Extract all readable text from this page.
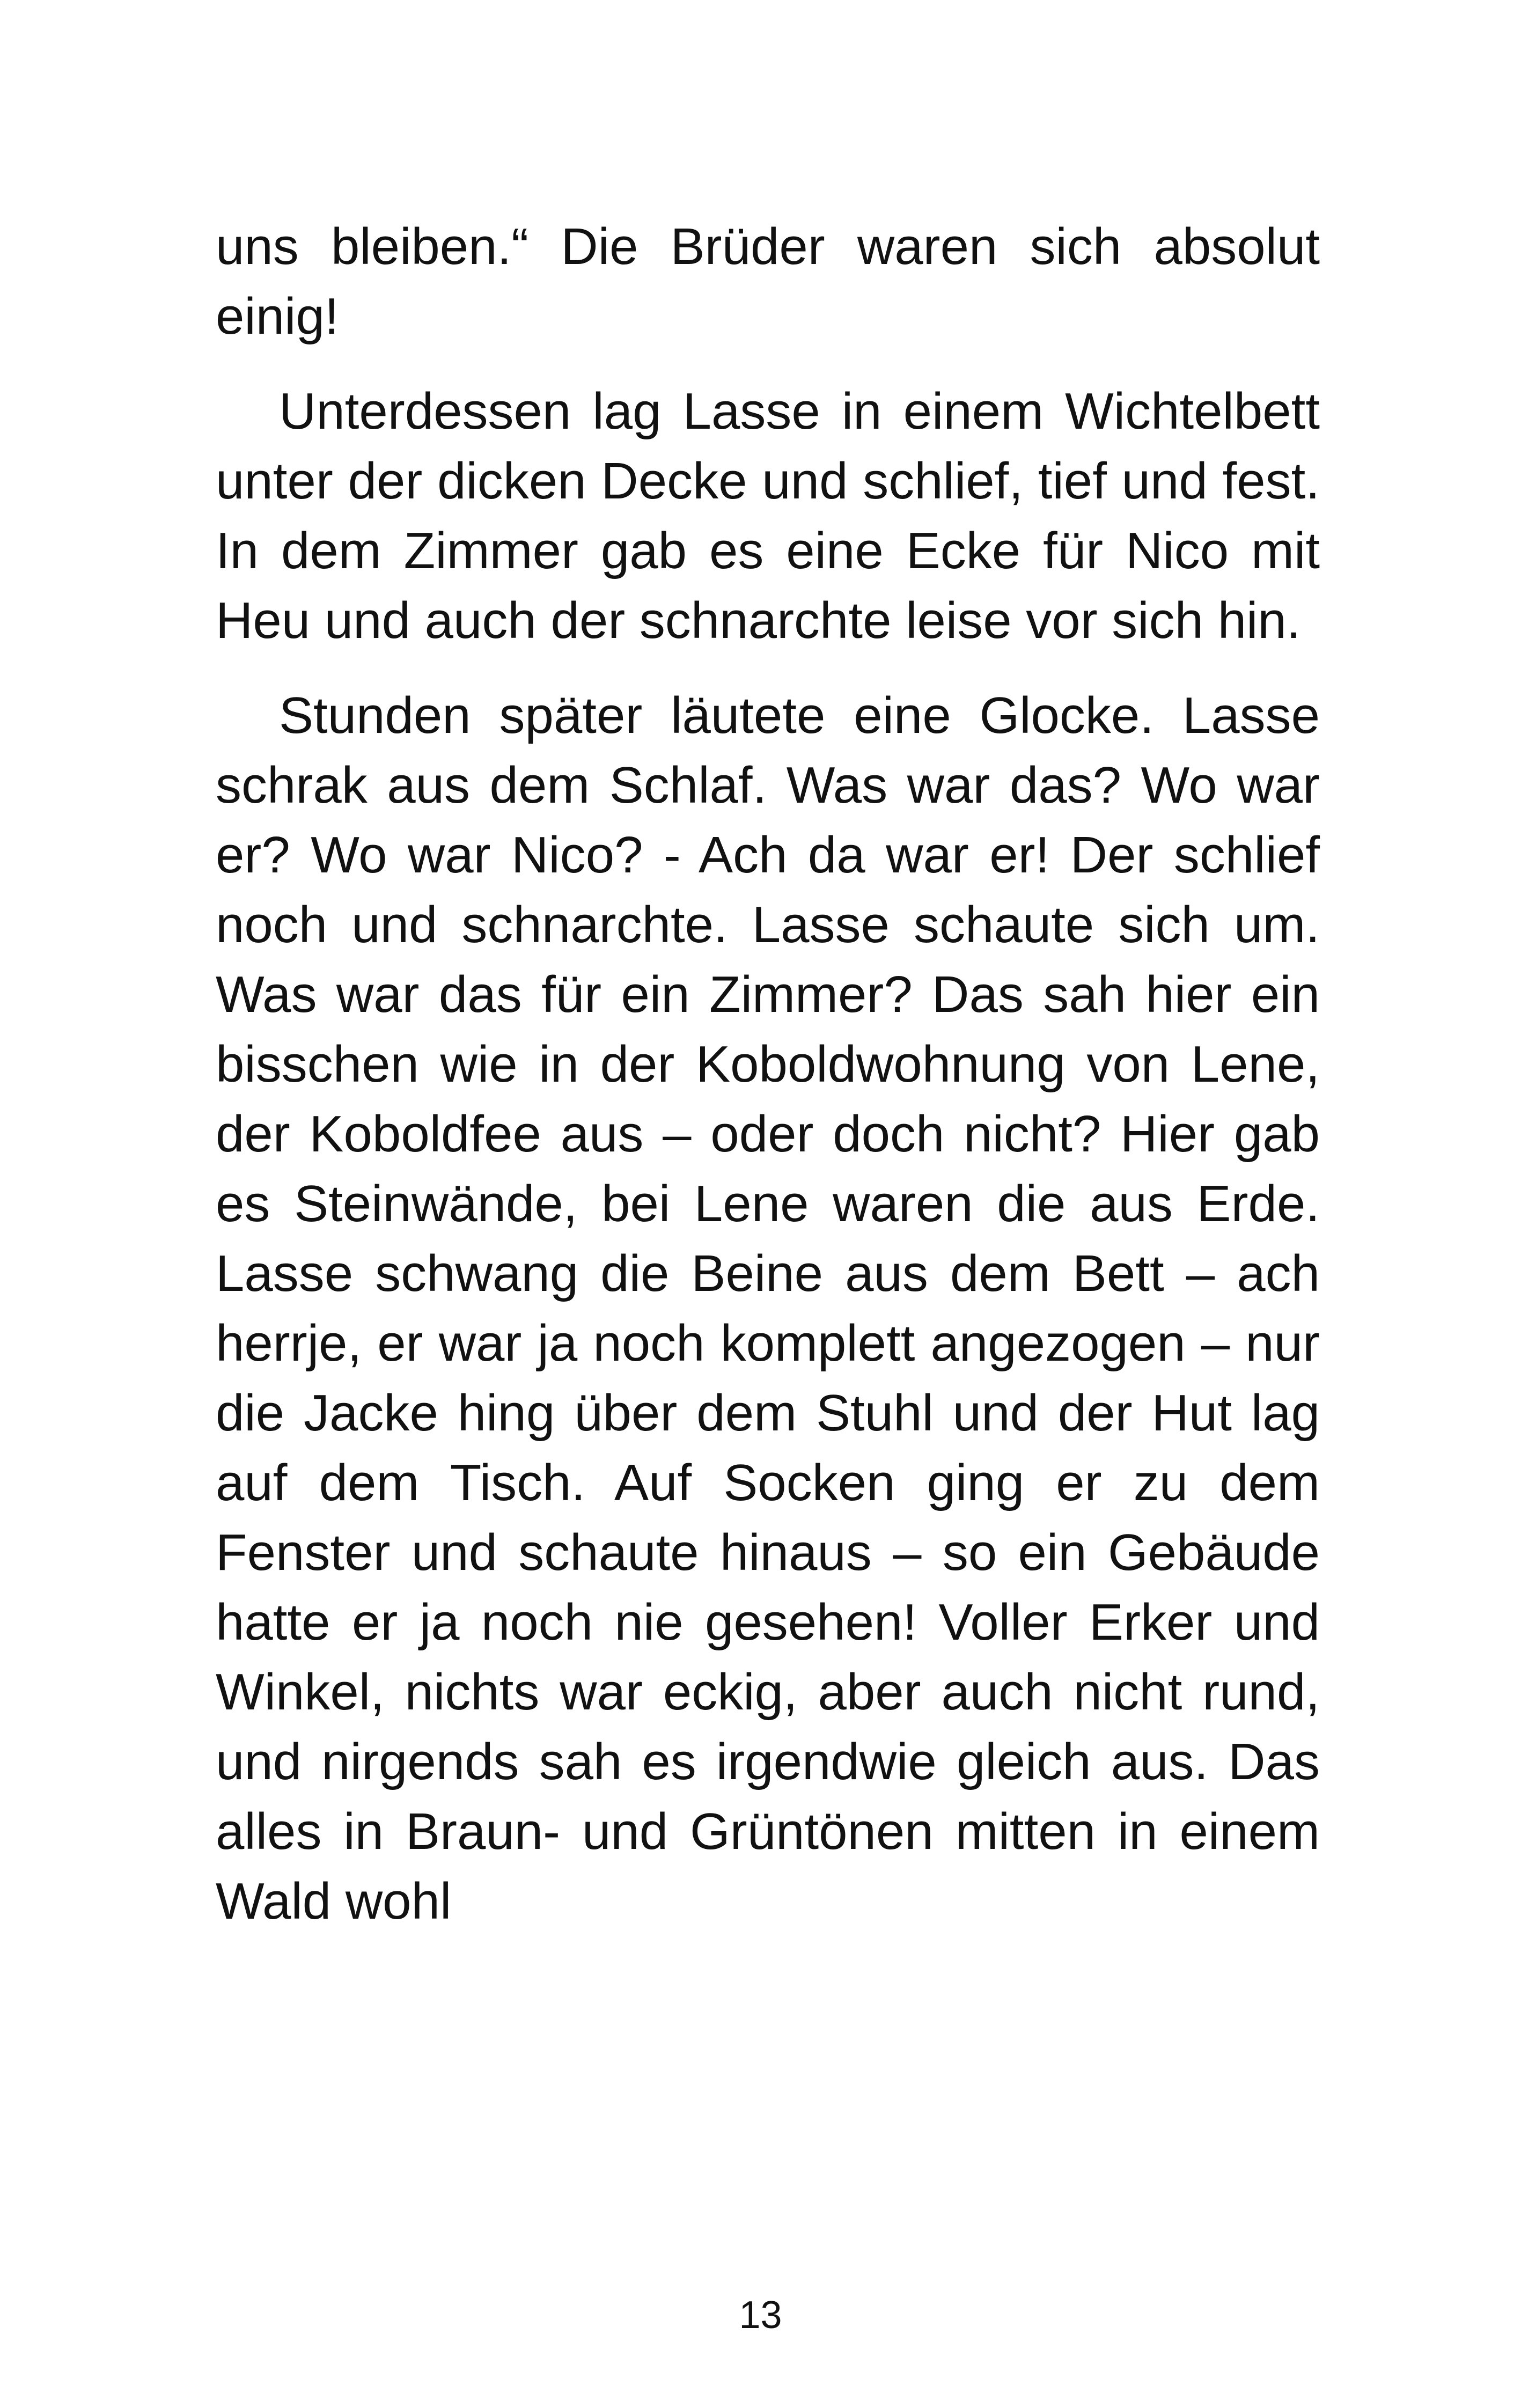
uns bleiben.“ Die Brüder waren sich absolut einig!

Unterdessen lag Lasse in einem Wichtelbett unter der dicken Decke und schlief, tief und fest. In dem Zimmer gab es eine Ecke für Nico mit Heu und auch der schnarchte leise vor sich hin.

Stunden später läutete eine Glocke. Lasse schrak aus dem Schlaf. Was war das? Wo war er? Wo war Nico? - Ach da war er! Der schlief noch und schnarchte. Lasse schaute sich um. Was war das für ein Zimmer? Das sah hier ein bisschen wie in der Koboldwohnung von Lene, der Koboldfee aus – oder doch nicht? Hier gab es Steinwände, bei Lene waren die aus Erde. Lasse schwang die Beine aus dem Bett – ach herrje, er war ja noch komplett angezogen – nur die Jacke hing über dem Stuhl und der Hut lag auf dem Tisch. Auf Socken ging er zu dem Fenster und schaute hinaus – so ein Gebäude hatte er ja noch nie gesehen! Voller Erker und Winkel, nichts war eckig, aber auch nicht rund, und nirgends sah es irgendwie gleich aus. Das alles in Braun- und Grüntönen mitten in einem Wald wohl

13
